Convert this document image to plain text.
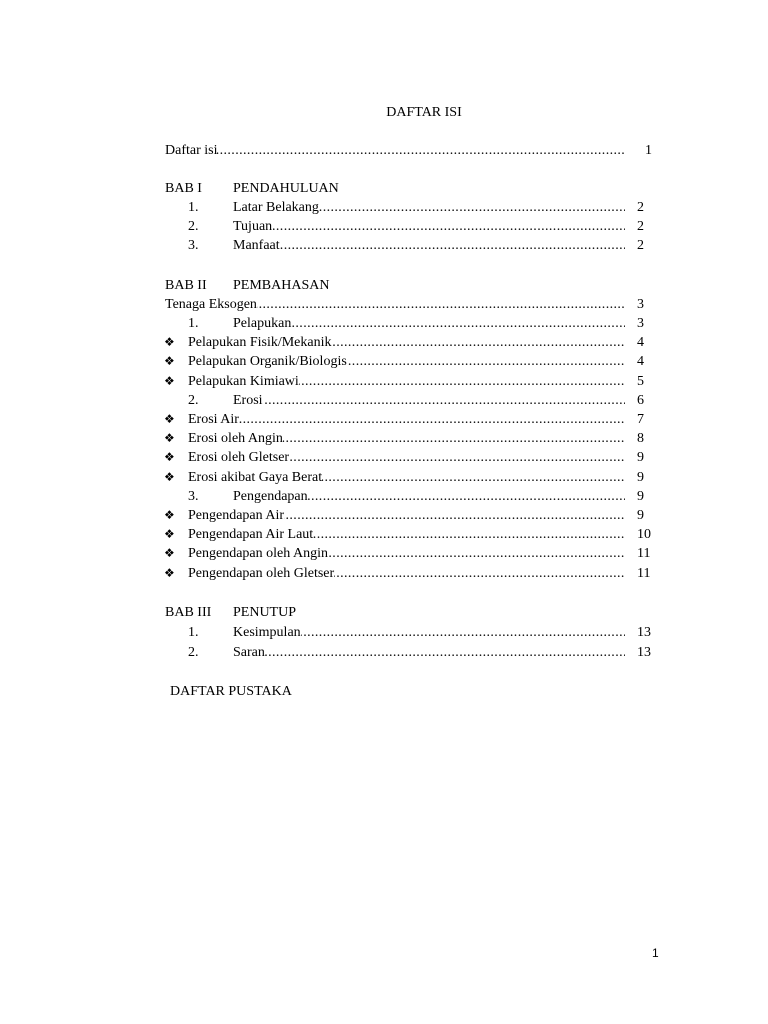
DAFTAR ISI
Daftar isi .....	1
BAB I PENDAHULUAN
1. Latar Belakang .....	2
2. Tujuan .....	2
3. Manfaat .....	2
BAB II PEMBAHASAN
Tenaga Eksogen .....	3
1. Pelapukan .....	3
❖ Pelapukan Fisik/Mekanik .....	4
❖ Pelapukan Organik/Biologis .....	4
❖ Pelapukan Kimiawi .....	5
2. Erosi .....	6
❖ Erosi Air .....	7
❖ Erosi oleh Angin .....	8
❖ Erosi oleh Gletser .....	9
❖ Erosi akibat Gaya Berat .....	9
3. Pengendapan .....	9
❖ Pengendapan Air .....	9
❖ Pengendapan Air Laut .....	10
❖ Pengendapan oleh Angin .....	11
❖ Pengendapan oleh Gletser .....	11
BAB III PENUTUP
1. Kesimpulan .....	13
2. Saran .....	13
DAFTAR PUSTAKA
1
